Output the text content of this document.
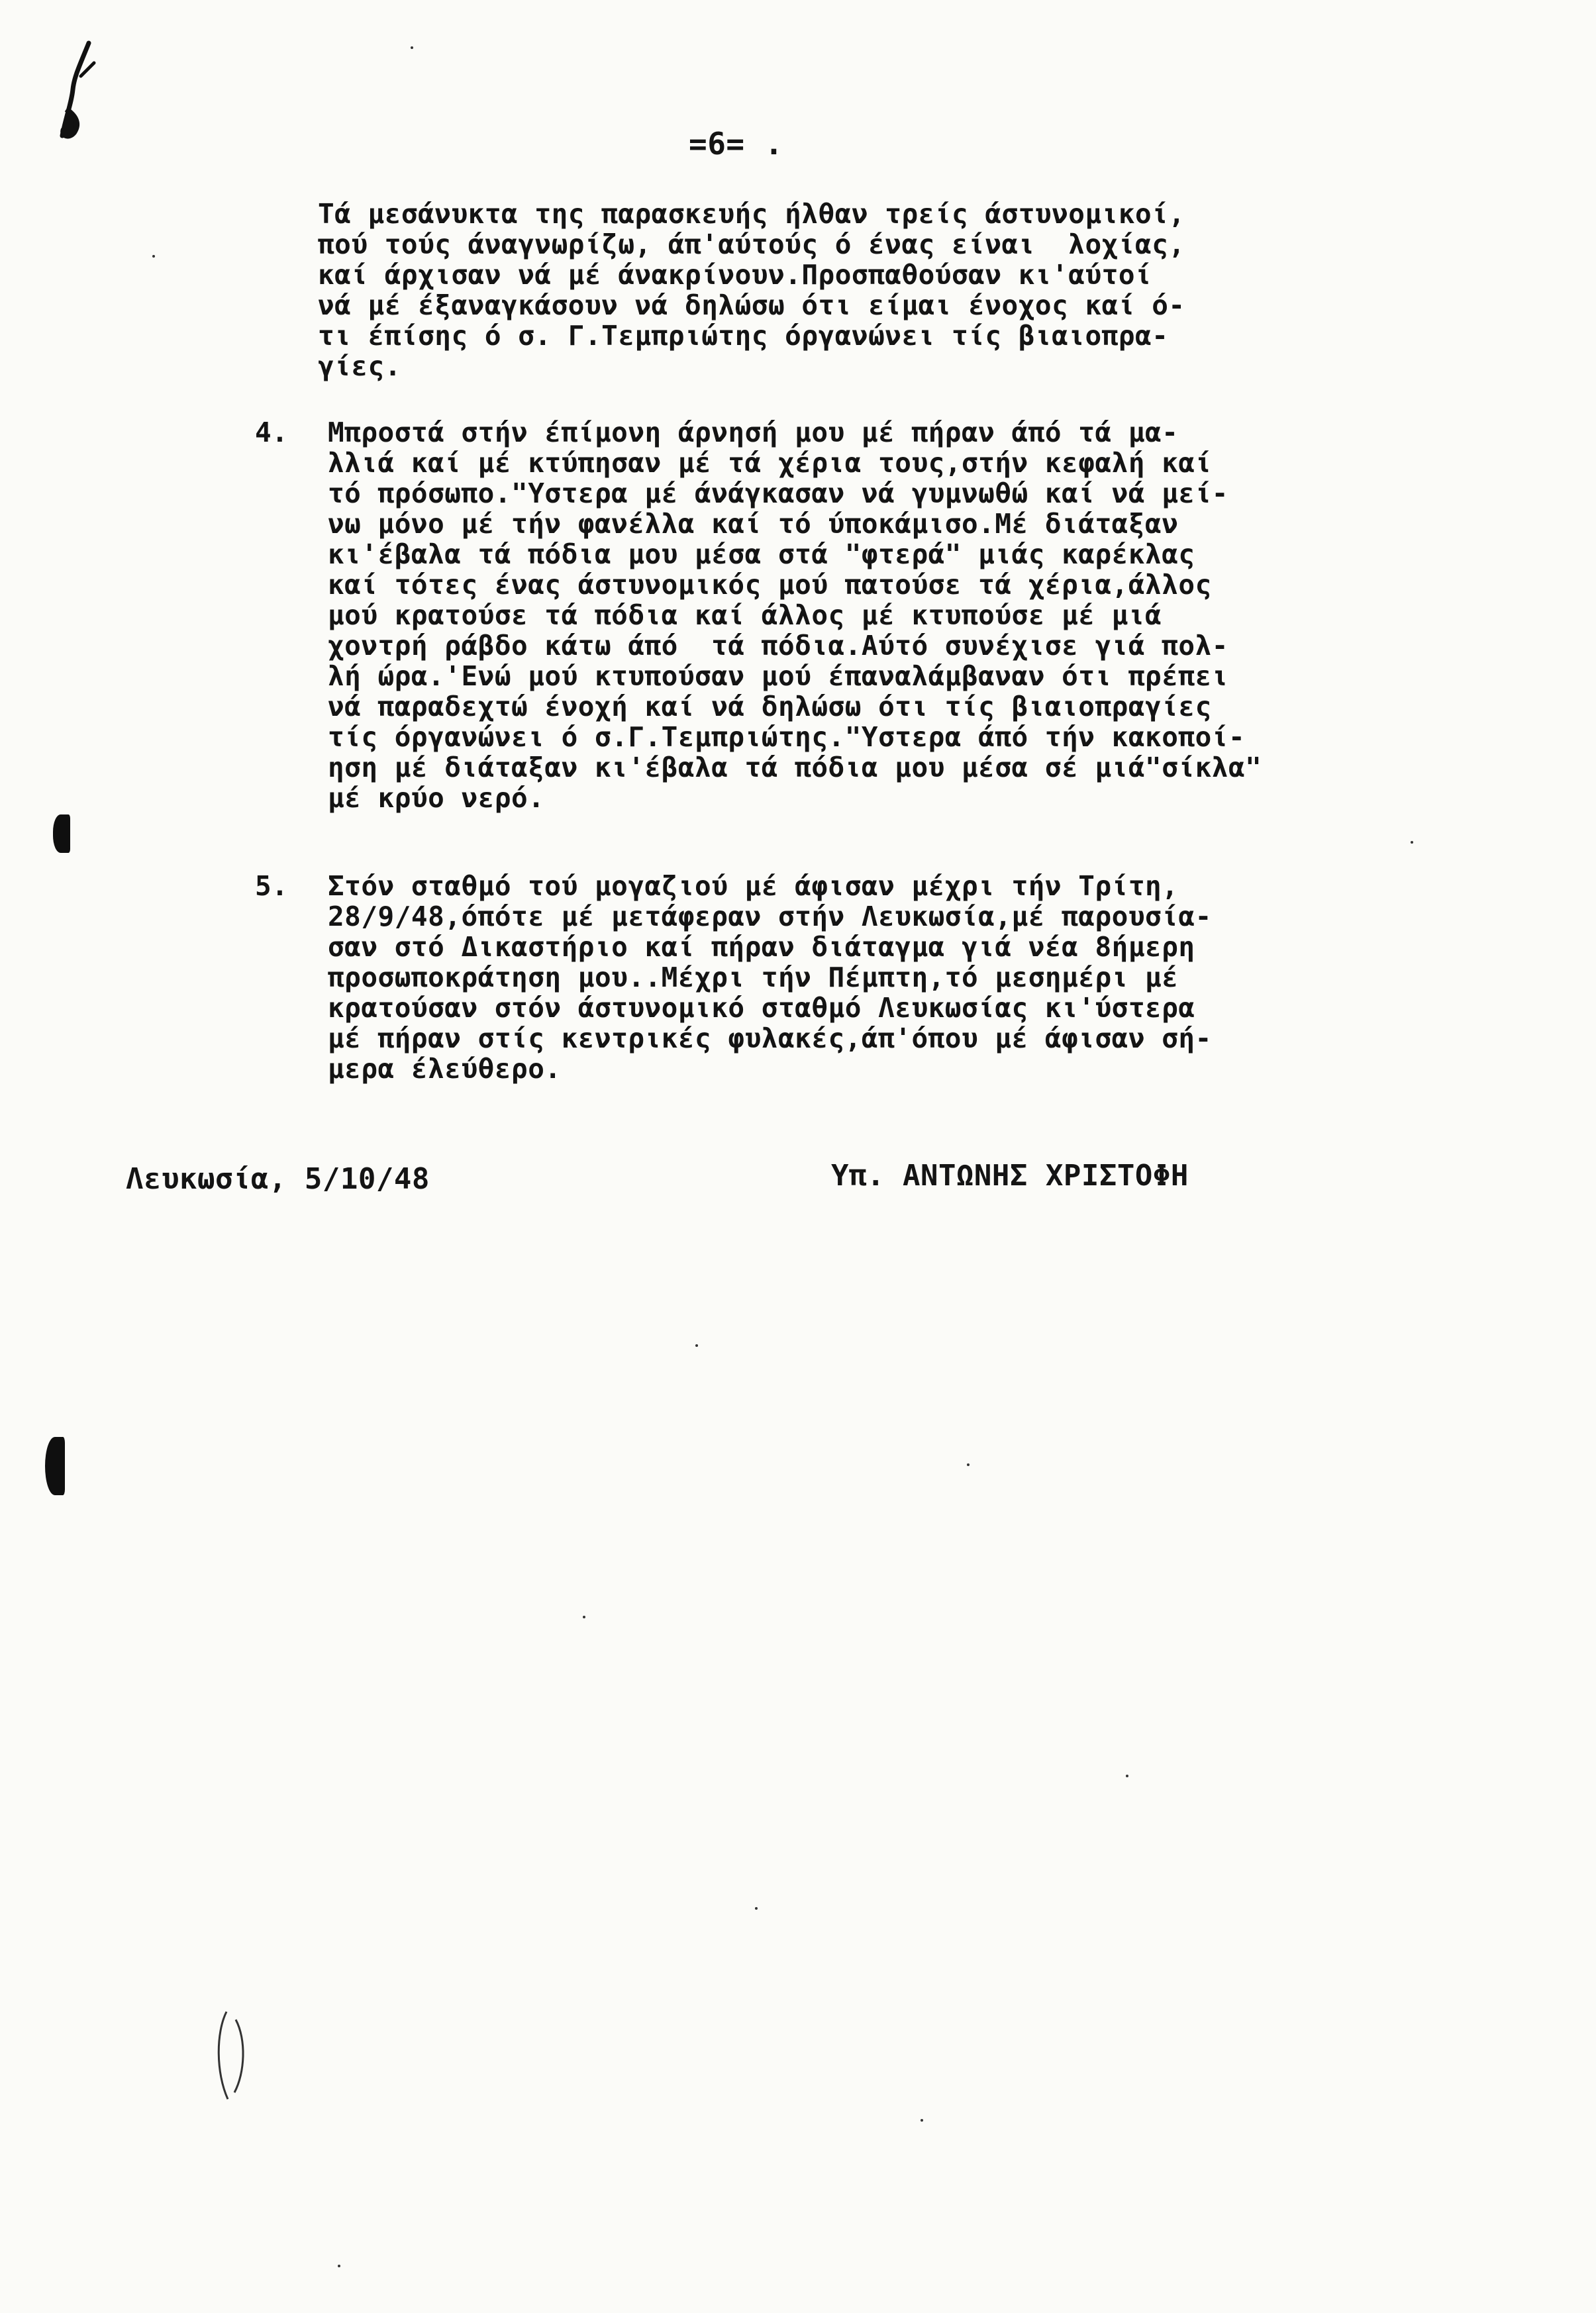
=6= .
Τά μεσάνυκτα της παρασκευής ήλθαν τρείς άστυνομικοί,
πού τούς άναγνωρίζω, άπ'αύτούς ό ένας είναι  λοχίας,
καί άρχισαν νά μέ άνακρίνουν.Προσπαθούσαν κι'αύτοί
νά μέ έξαναγκάσουν νά δηλώσω ότι είμαι ένοχος καί ό-
τι έπίσης ό σ. Γ.Τεμπριώτης όργανώνει τίς βιαιοπρα-
γίες.
4. Μπροστά στήν έπίμονη άρνησή μου μέ πήραν άπό τά μα-
λλιά καί μέ κτύπησαν μέ τά χέρια τους,στήν κεφαλή καί
τό πρόσωπο."Υστερα μέ άνάγκασαν νά γυμνωθώ καί νά μεί-
νω μόνο μέ τήν φανέλλα καί τό ύποκάμισο.Μέ διάταξαν
κι'έβαλα τά πόδια μου μέσα στά "φτερά" μιάς καρέκλας
καί τότες ένας άστυνομικός μού πατούσε τά χέρια,άλλος
μού κρατούσε τά πόδια καί άλλος μέ κτυπούσε μέ μιά
χοντρή ράβδο κάτω άπό  τά πόδια.Αύτό συνέχισε γιά πολ-
λή ώρα.'Ενώ μού κτυπούσαν μού έπαναλάμβαναν ότι πρέπει
νά παραδεχτώ ένοχή καί νά δηλώσω ότι τίς βιαιοπραγίες
τίς όργανώνει ό σ.Γ.Τεμπριώτης."Υστερα άπό τήν κακοποί-
ηση μέ διάταξαν κι'έβαλα τά πόδια μου μέσα σέ μιά"σίκλα"
μέ κρύο νερό.
5. Στόν σταθμό τού μογαζιού μέ άφισαν μέχρι τήν Τρίτη,
28/9/48,όπότε μέ μετάφεραν στήν Λευκωσία,μέ παρουσία-
σαν στό Δικαστήριο καί πήραν διάταγμα γιά νέα 8ήμερη
προσωποκράτηση μου..Μέχρι τήν Πέμπτη,τό μεσημέρι μέ
κρατούσαν στόν άστυνομικό σταθμό Λευκωσίας κι'ύστερα
μέ πήραν στίς κεντρικές φυλακές,άπ'όπου μέ άφισαν σή-
μερα έλεύθερο.
Λευκωσία, 5/10/48	Υπ. ΑΝΤΩΝΗΣ ΧΡΙΣΤΟΦΗ
